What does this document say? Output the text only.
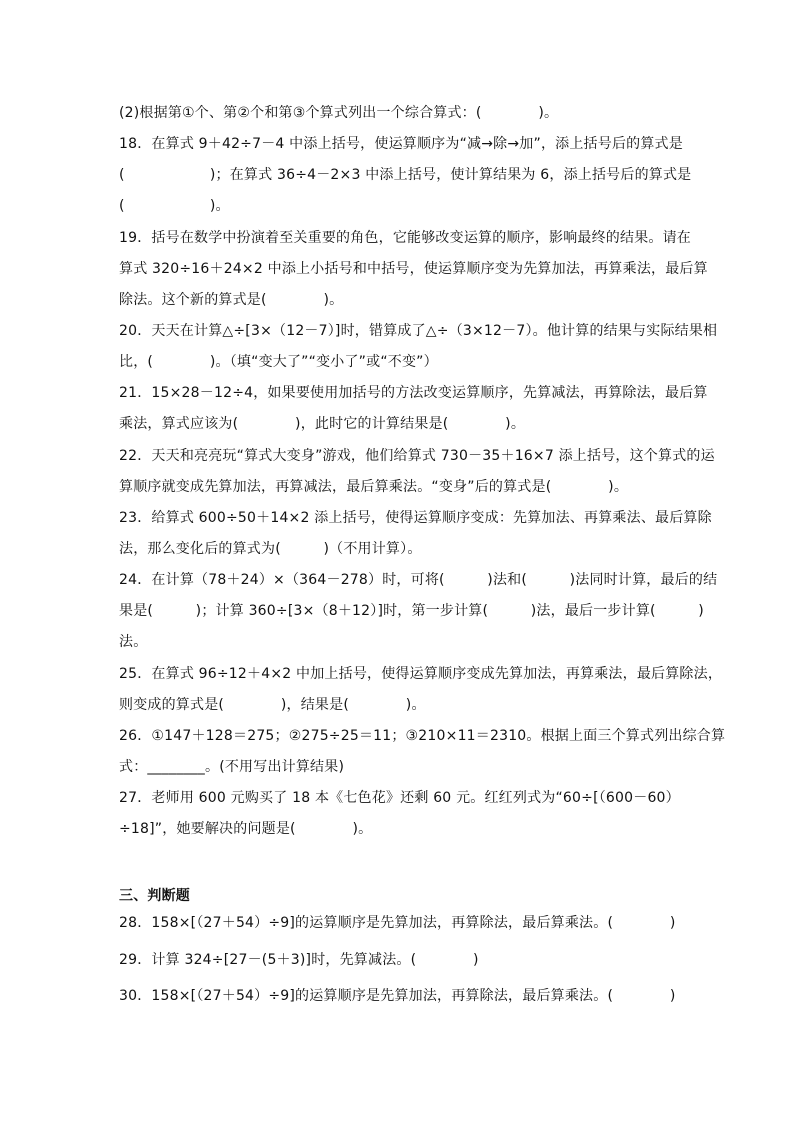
(2)根据第①个、第②个和第③个算式列出一个综合算式：(　　　　)。
18．在算式 9＋42÷7－4 中添上括号，使运算顺序为“减→除→加”，添上括号后的算式是
(　　　　　　)；在算式 36÷4－2×3 中添上括号，使计算结果为 6，添上括号后的算式是
(　　　　　　)。
19．括号在数学中扮演着至关重要的角色，它能够改变运算的顺序，影响最终的结果。请在
算式 320÷16＋24×2 中添上小括号和中括号，使运算顺序变为先算加法，再算乘法，最后算
除法。这个新的算式是(　　　　)。
20．天天在计算△÷[3×（12－7）]时，错算成了△÷（3×12－7）。他计算的结果与实际结果相
比，(　　　　)。（填“变大了”“变小了”或“不变”）
21．15×28－12÷4，如果要使用加括号的方法改变运算顺序，先算减法，再算除法，最后算
乘法，算式应该为(　　　　)，此时它的计算结果是(　　　　)。
22．天天和亮亮玩“算式大变身”游戏，他们给算式 730－35＋16×7 添上括号，这个算式的运
算顺序就变成先算加法，再算减法，最后算乘法。“变身”后的算式是(　　　　)。
23．给算式 600÷50＋14×2 添上括号，使得运算顺序变成：先算加法、再算乘法、最后算除
法，那么变化后的算式为(　　　)（不用计算）。
24．在计算（78＋24）×（364－278）时，可将(　　　)法和(　　　)法同时计算，最后的结
果是(　　　)；计算 360÷[3×（8＋12）]时，第一步计算(　　　)法，最后一步计算(　　　)
法。
25．在算式 96÷12＋4×2 中加上括号，使得运算顺序变成先算加法，再算乘法，最后算除法，
则变成的算式是(　　　　)，结果是(　　　　)。
26．①147＋128＝275；②275÷25＝11；③210×11＝2310。根据上面三个算式列出综合算
式：________。(不用写出计算结果)
27．老师用 600 元购买了 18 本《七色花》还剩 60 元。红红列式为“60÷[（600－60）
÷18]”，她要解决的问题是(　　　　)。
三、判断题
28．158×[（27＋54）÷9]的运算顺序是先算加法，再算除法，最后算乘法。(　　　　)
29．计算 324÷[27－(5＋3)]时，先算减法。(　　　　)
30．158×[（27＋54）÷9]的运算顺序是先算加法，再算除法，最后算乘法。(　　　　)
